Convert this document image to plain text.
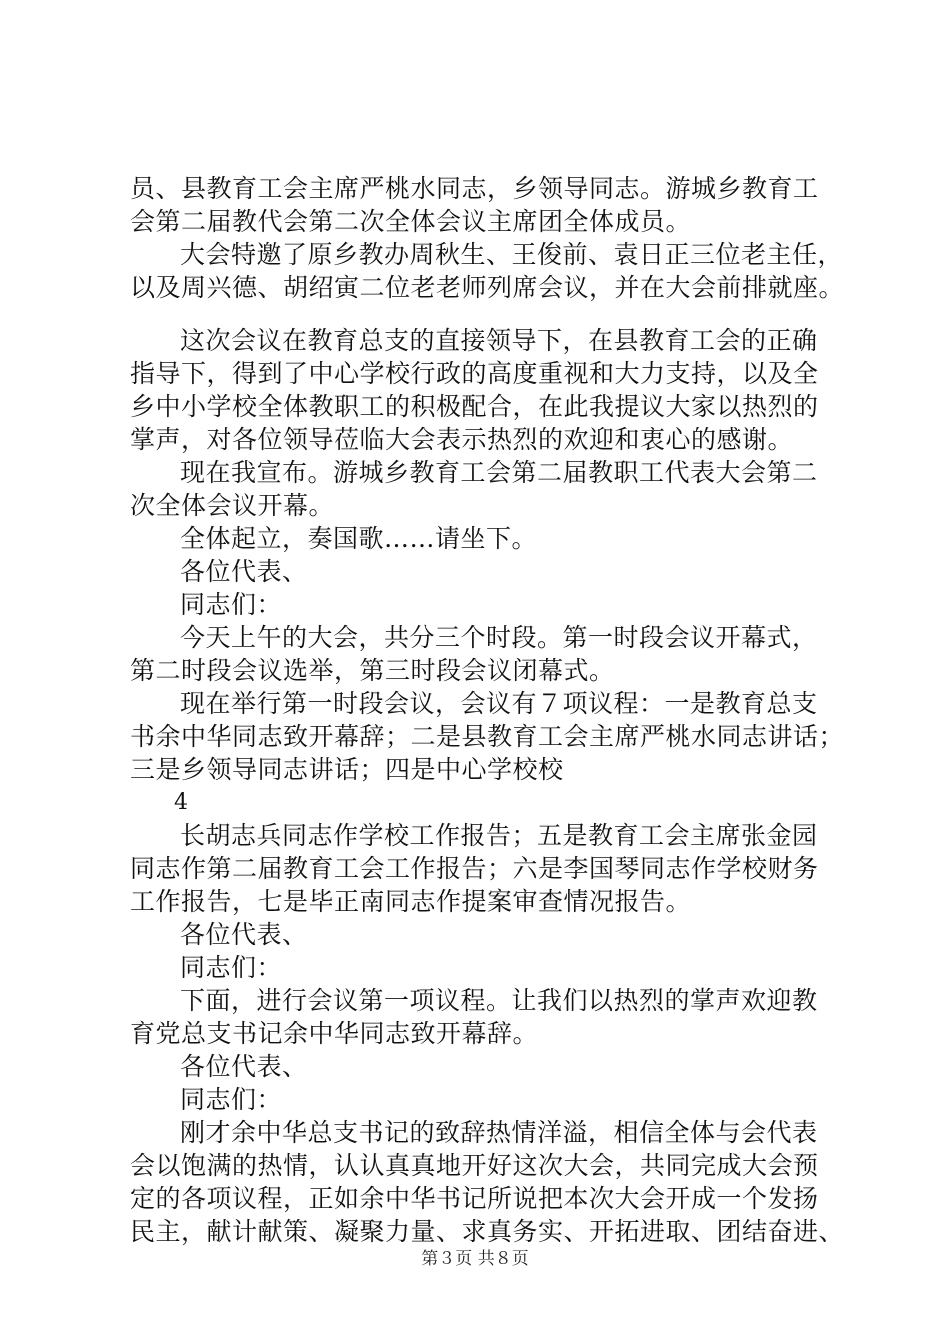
员、县教育工会主席严桃水同志，乡领导同志。游城乡教育工
会第二届教代会第二次全体会议主席团全体成员。
大会特邀了原乡教办周秋生、王俊前、袁日正三位老主任，
以及周兴德、胡绍寅二位老老师列席会议，并在大会前排就座。
这次会议在教育总支的直接领导下，在县教育工会的正确
指导下，得到了中心学校行政的高度重视和大力支持，以及全
乡中小学校全体教职工的积极配合，在此我提议大家以热烈的
掌声，对各位领导莅临大会表示热烈的欢迎和衷心的感谢。
现在我宣布。游城乡教育工会第二届教职工代表大会第二
次全体会议开幕。
全体起立，奏国歌……请坐下。
各位代表、
同志们：
今天上午的大会，共分三个时段。第一时段会议开幕式，
第二时段会议选举，第三时段会议闭幕式。
现在举行第一时段会议，会议有７项议程：一是教育总支
书余中华同志致开幕辞；二是县教育工会主席严桃水同志讲话；
三是乡领导同志讲话；四是中心学校校
4
长胡志兵同志作学校工作报告；五是教育工会主席张金园
同志作第二届教育工会工作报告；六是李国琴同志作学校财务
工作报告，七是毕正南同志作提案审查情况报告。
各位代表、
同志们：
下面，进行会议第一项议程。让我们以热烈的掌声欢迎教
育党总支书记余中华同志致开幕辞。
各位代表、
同志们：
刚才余中华总支书记的致辞热情洋溢，相信全体与会代表
会以饱满的热情，认认真真地开好这次大会，共同完成大会预
定的各项议程，正如余中华书记所说把本次大会开成一个发扬
民主，献计献策、凝聚力量、求真务实、开拓进取、团结奋进、
第３页 共８页
